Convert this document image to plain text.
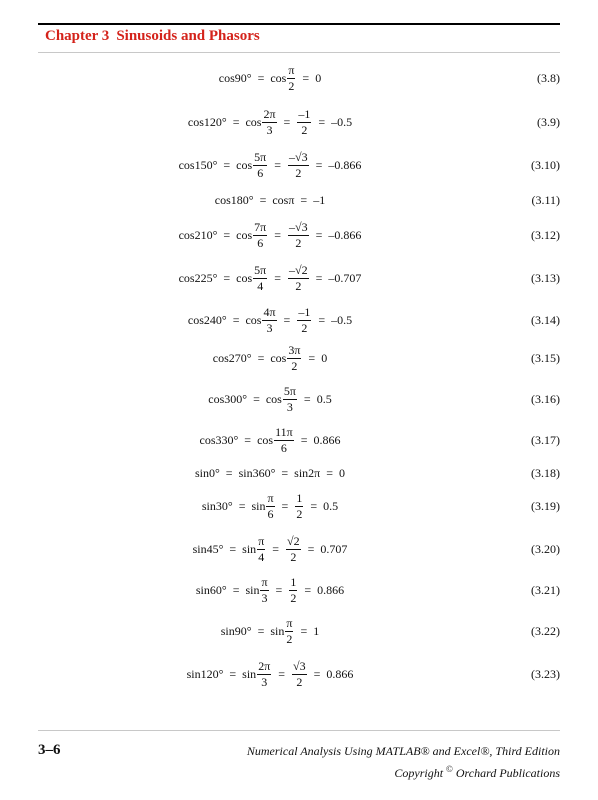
Chapter 3 Sinusoids and Phasors
$\cos 90^\circ = \cos \frac{\pi}{2} = 0$	(3.8)
$\cos 120^\circ = \cos \frac{2\pi}{3} = \frac{-1}{2} = -0.5$	(3.9)
$\cos 150^\circ = \cos \frac{5\pi}{6} = \frac{-√3}{2} = -0.866$	(3.10)
cos180° = cosπ = –1	(3.11)
$\cos 210^\circ = \cos \frac{7\pi}{6} = \frac{-√3}{2} = -0.866$	(3.12)
$\cos 225^\circ = \cos \frac{5\pi}{4} = \frac{-√2}{2} = -0.707$	(3.13)
$\cos 240^\circ = \cos \frac{4\pi}{3} = \frac{-1}{2} = -0.5$	(3.14)
$\cos 270^\circ = \cos \frac{3\pi}{2} = 0$	(3.15)
$\cos 300^\circ = \cos \frac{5\pi}{3} = 0.5$	(3.16)
$\cos 330^\circ = \cos \frac{11\pi}{6} = 0.866$	(3.17)
sin0° = sin360° = sin2π = 0	(3.18)
$\sin 30^\circ = \sin \frac{\pi}{6} = \frac{1}{2} = 0.5$	(3.19)
$\sin 45^\circ = \sin \frac{\pi}{4} = \frac{√2}{2} = 0.707$	(3.20)
$\sin 60^\circ = \sin \frac{\pi}{3} = \frac{1}{2} = 0.866$	(3.21)
$\sin 90^\circ = \sin \frac{\pi}{2} = 1$	(3.22)
$\sin 120^\circ = \sin \frac{2\pi}{3} = \frac{√3}{2} = 0.866$	(3.23)
3–6	Numerical Analysis Using MATLAB® and Excel®, Third Edition
Copyright © Orchard Publications
